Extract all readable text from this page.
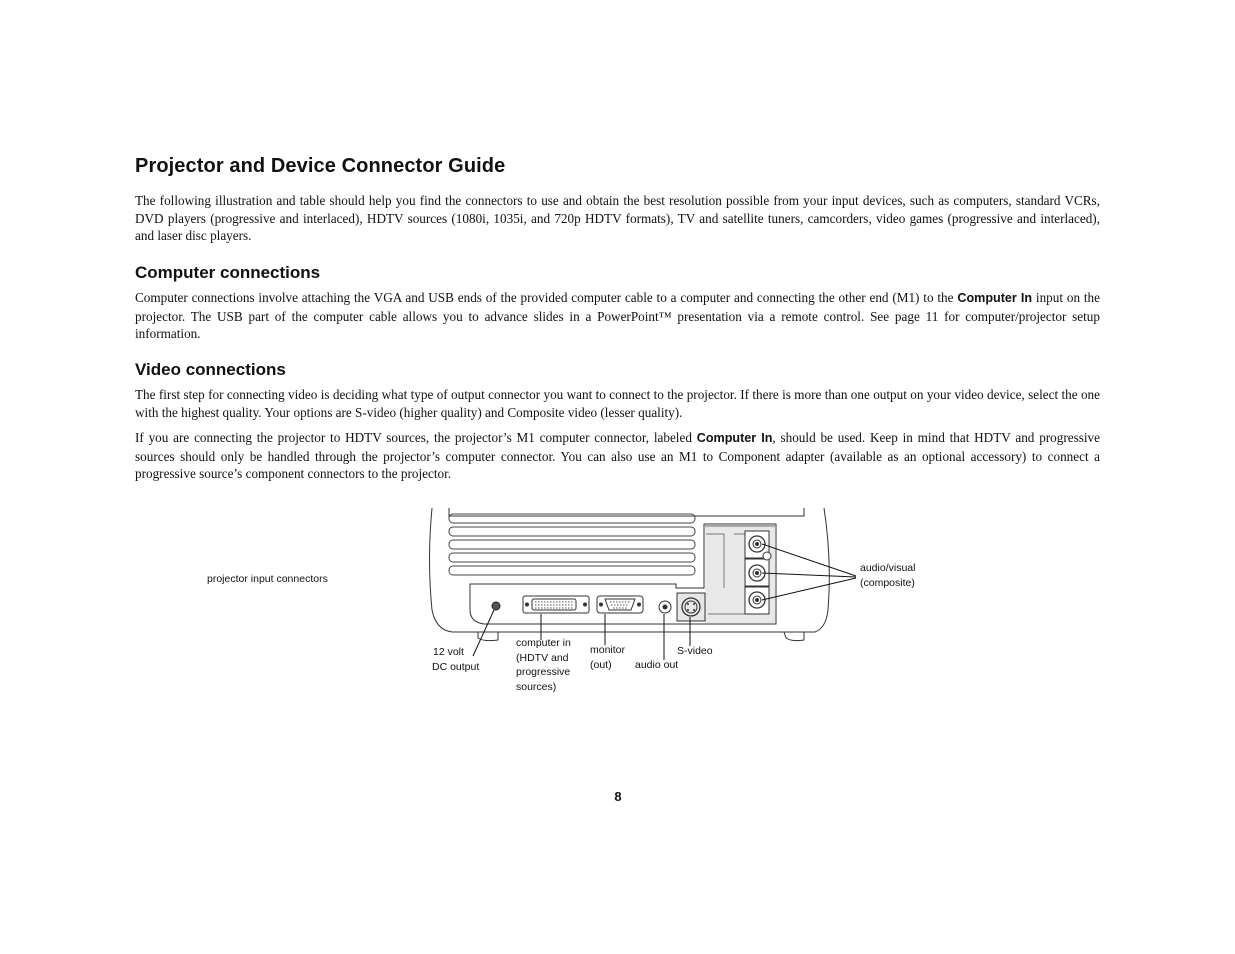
Projector and Device Connector Guide

The following illustration and table should help you find the connectors to use and obtain the best resolution possible from your input devices, such as computers, standard VCRs, DVD players (progressive and interlaced), HDTV sources (1080i, 1035i, and 720p HDTV formats), TV and satellite tuners, camcorders, video games (progressive and interlaced), and laser disc players.

Computer connections

Computer connections involve attaching the VGA and USB ends of the provided computer cable to a computer and connecting the other end (M1) to the Computer In input on the projector. The USB part of the computer cable allows you to advance slides in a PowerPoint™ presentation via a remote control. See page 11 for computer/projector setup information.

Video connections

The first step for connecting video is deciding what type of output connector you want to connect to the projector. If there is more than one output on your video device, select the one with the highest quality. Your options are S-video (higher quality) and Composite video (lesser quality).

If you are connecting the projector to HDTV sources, the projector’s M1 computer connector, labeled Computer In, should be used. Keep in mind that HDTV and progressive sources should only be handled through the projector’s computer connector. You can also use an M1 to Component adapter (available as an optional accessory) to connect a progressive source’s component connectors to the projector.

projector input connectors
12 volt
DC output
computer in
(HDTV and
progressive
sources)
monitor
(out)	audio out
S-video
audio/visual
(composite)
8
